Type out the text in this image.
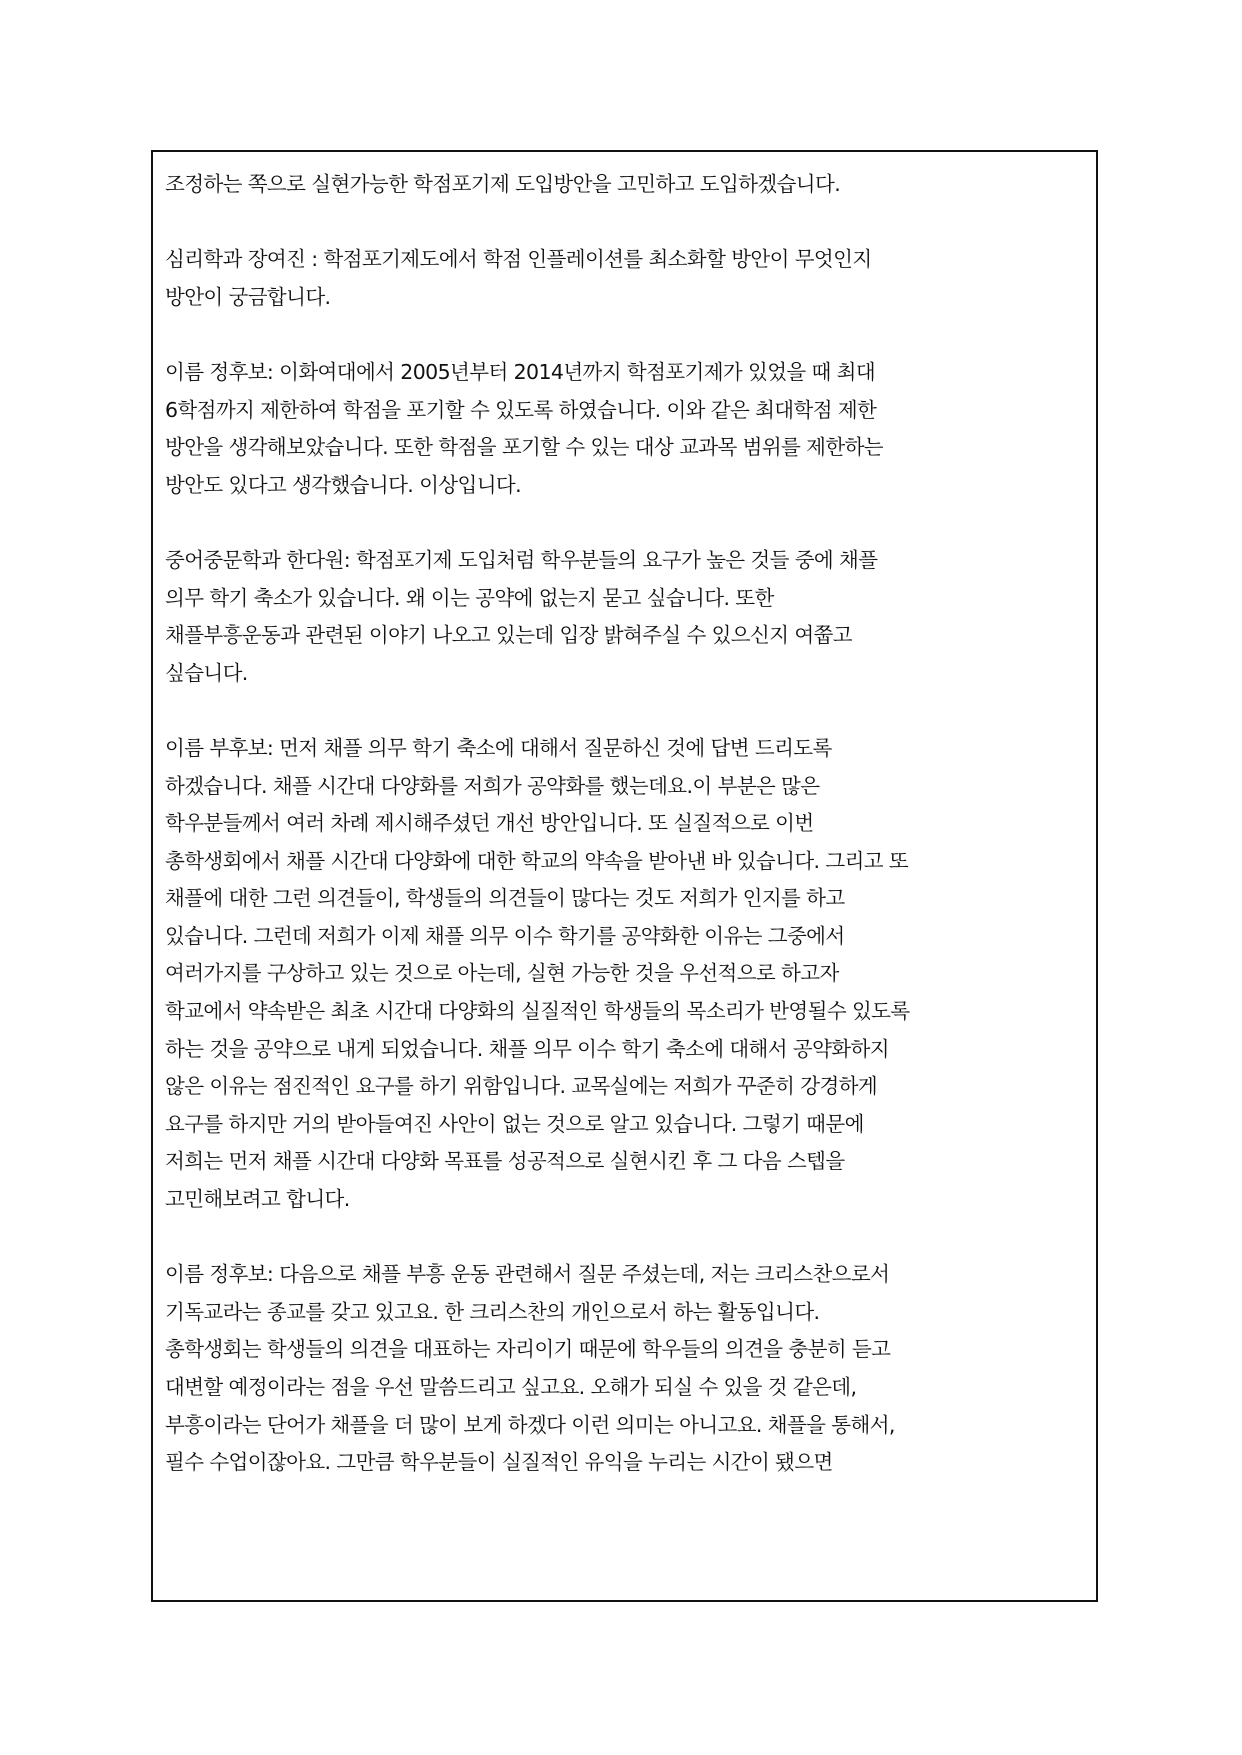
조정하는 쪽으로 실현가능한 학점포기제 도입방안을 고민하고 도입하겠습니다.
심리학과 장여진 : 학점포기제도에서 학점 인플레이션를 최소화할 방안이 무엇인지
방안이 궁금합니다.
이름 정후보: 이화여대에서 2005년부터 2014년까지 학점포기제가 있었을 때 최대
6학점까지 제한하여 학점을 포기할 수 있도록 하였습니다. 이와 같은 최대학점 제한
방안을 생각해보았습니다. 또한 학점을 포기할 수 있는 대상 교과목 범위를 제한하는
방안도 있다고 생각했습니다. 이상입니다.
중어중문학과 한다원: 학점포기제 도입처럼 학우분들의 요구가 높은 것들 중에 채플
의무 학기 축소가 있습니다. 왜 이는 공약에 없는지 묻고 싶습니다. 또한
채플부흥운동과 관련된 이야기 나오고 있는데 입장 밝혀주실 수 있으신지 여쭙고
싶습니다.
이름 부후보: 먼저 채플 의무 학기 축소에 대해서 질문하신 것에 답변 드리도록
하겠습니다. 채플 시간대 다양화를 저희가 공약화를 했는데요.이 부분은 많은
학우분들께서 여러 차례 제시해주셨던 개선 방안입니다. 또 실질적으로 이번
총학생회에서 채플 시간대 다양화에 대한 학교의 약속을 받아낸 바 있습니다. 그리고 또
채플에 대한 그런 의견들이, 학생들의 의견들이 많다는 것도 저희가 인지를 하고
있습니다. 그런데 저희가 이제 채플 의무 이수 학기를 공약화한 이유는 그중에서
여러가지를 구상하고 있는 것으로 아는데, 실현 가능한 것을 우선적으로 하고자
학교에서 약속받은 최초 시간대 다양화의 실질적인 학생들의 목소리가 반영될수 있도록
하는 것을 공약으로 내게 되었습니다. 채플 의무 이수 학기 축소에 대해서 공약화하지
않은 이유는 점진적인 요구를 하기 위함입니다. 교목실에는 저희가 꾸준히 강경하게
요구를 하지만 거의 받아들여진 사안이 없는 것으로 알고 있습니다. 그렇기 때문에
저희는 먼저 채플 시간대 다양화 목표를 성공적으로 실현시킨 후 그 다음 스텝을
고민해보려고 합니다.
이름 정후보: 다음으로 채플 부흥 운동 관련해서 질문 주셨는데, 저는 크리스찬으로서
기독교라는 종교를 갖고 있고요. 한 크리스찬의 개인으로서 하는 활동입니다.
총학생회는 학생들의 의견을 대표하는 자리이기 때문에 학우들의 의견을 충분히 듣고
대변할 예정이라는 점을 우선 말씀드리고 싶고요. 오해가 되실 수 있을 것 같은데,
부흥이라는 단어가 채플을 더 많이 보게 하겠다 이런 의미는 아니고요. 채플을 통해서,
필수 수업이잖아요. 그만큼 학우분들이 실질적인 유익을 누리는 시간이 됐으면
